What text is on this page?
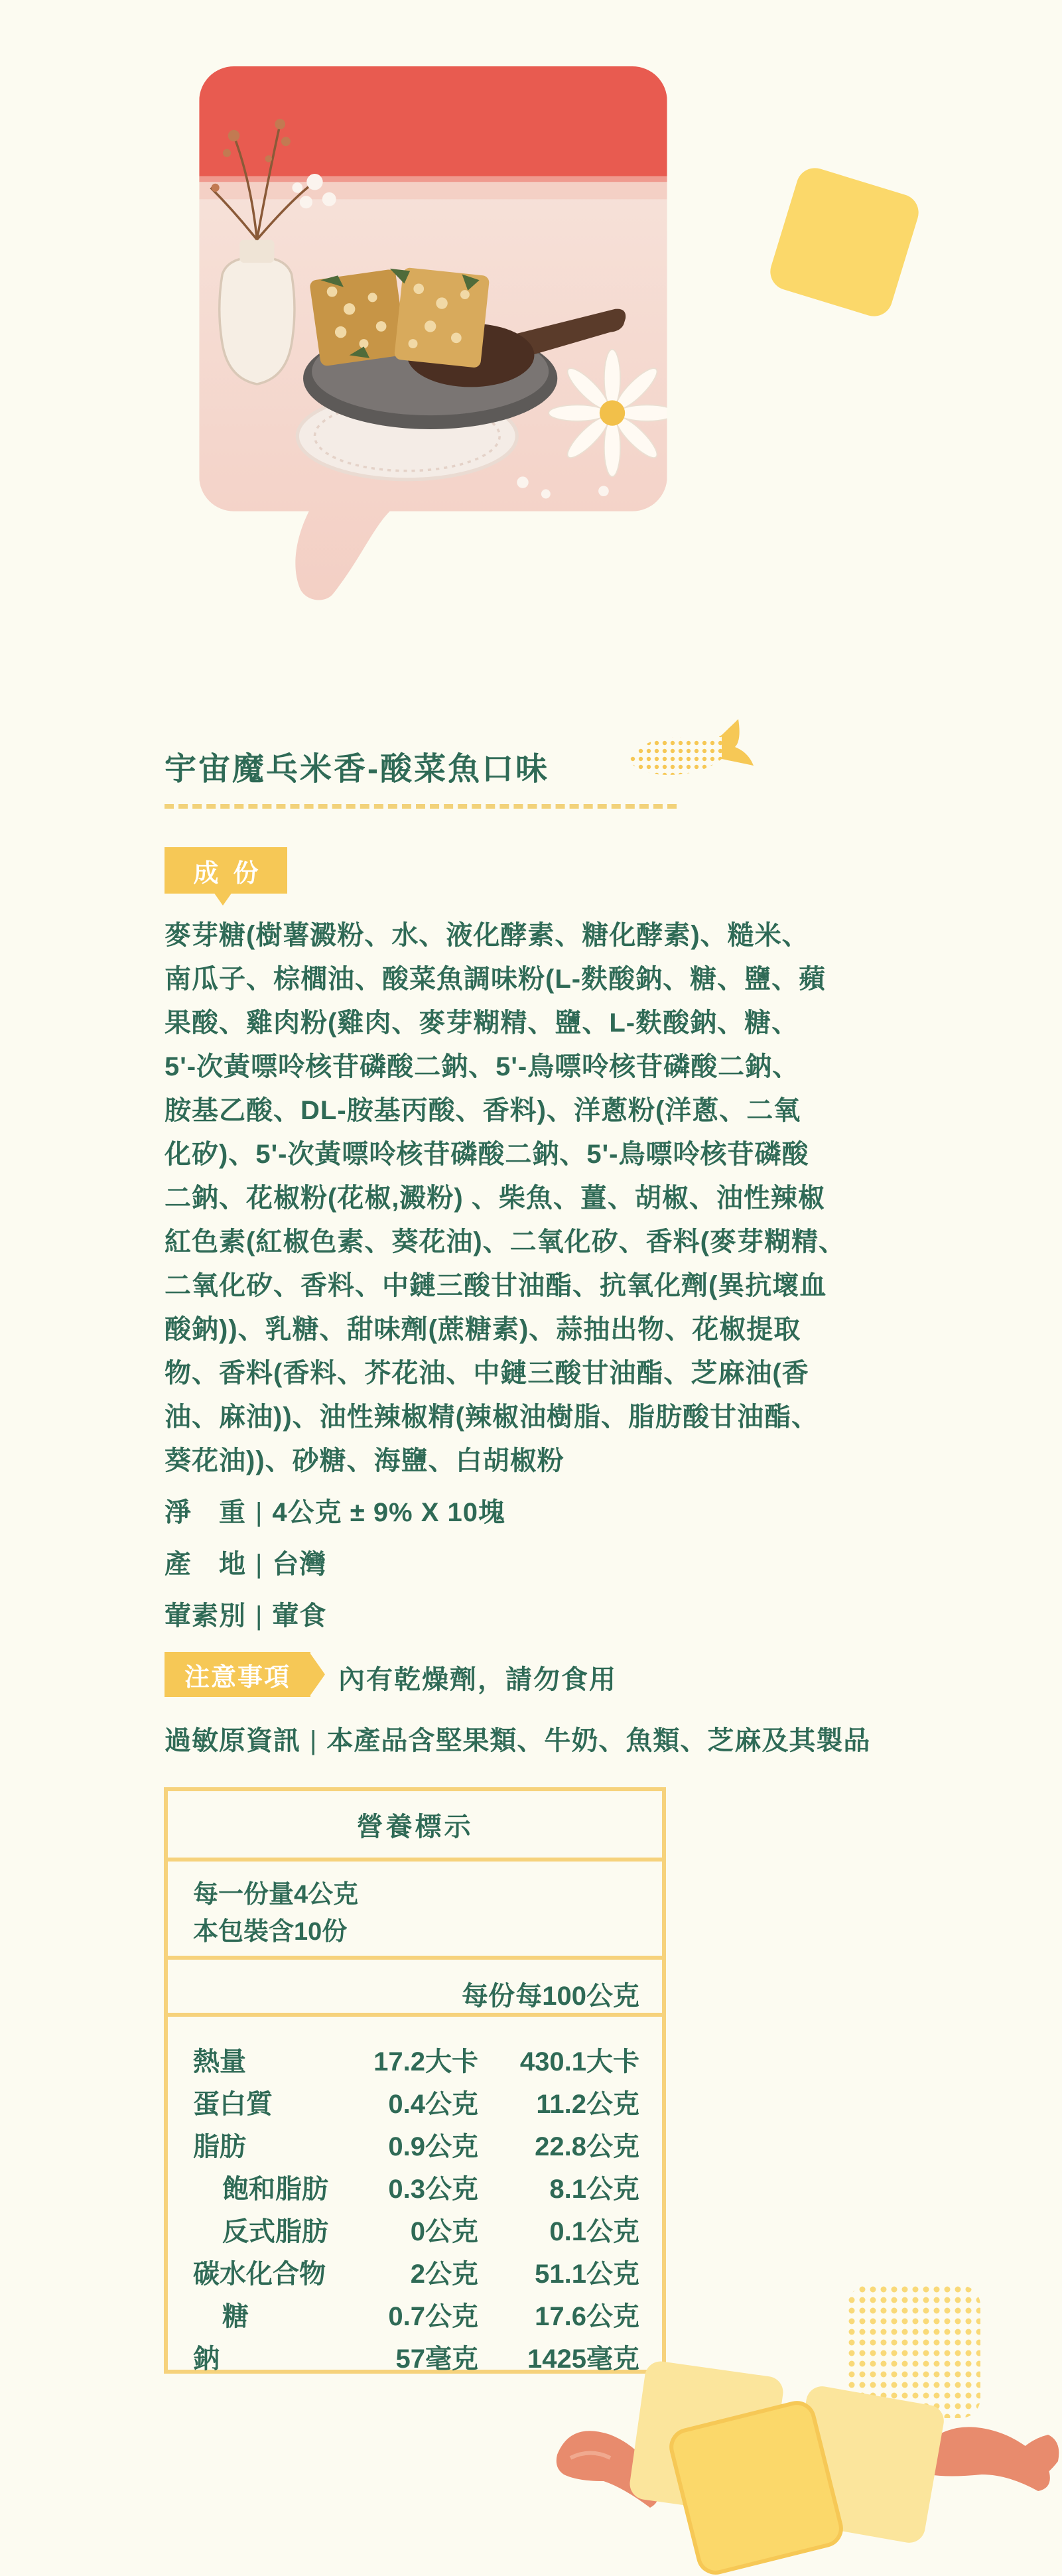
宇宙魔乓米香-酸菜魚口味
成份
麥芽糖(樹薯澱粉、水、液化酵素、糖化酵素)、糙米、
南瓜子、棕櫚油、酸菜魚調味粉(L-麩酸鈉、糖、鹽、蘋
果酸、雞肉粉(雞肉、麥芽糊精、鹽、L-麩酸鈉、糖、
5'-次黃嘌呤核苷磷酸二鈉、5'-鳥嘌呤核苷磷酸二鈉、
胺基乙酸、DL-胺基丙酸、香料)、洋蔥粉(洋蔥、二氧
化矽)、5'-次黃嘌呤核苷磷酸二鈉、5'-鳥嘌呤核苷磷酸
二鈉、花椒粉(花椒,澱粉) 、柴魚、薑、胡椒、油性辣椒
紅色素(紅椒色素、葵花油)、二氧化矽、香料(麥芽糊精、
二氧化矽、香料、中鏈三酸甘油酯、抗氧化劑(異抗壞血
酸鈉))、乳糖、甜味劑(蔗糖素)、蒜抽出物、花椒提取
物、香料(香料、芥花油、中鏈三酸甘油酯、芝麻油(香
油、麻油))、油性辣椒精(辣椒油樹脂、脂肪酸甘油酯、
葵花油))、砂糖、海鹽、白胡椒粉
淨　重 | 4公克 ± 9% X 10塊
產　地 | 台灣
葷素別 | 葷食
注意事項	內有乾燥劑，請勿食用
過敏原資訊 | 本產品含堅果類、牛奶、魚類、芝麻及其製品
營養標示
每一份量4公克
本包裝含10份
每份 每100公克
熱量	17.2大卡 430.1大卡
蛋白質	0.4公克 11.2公克
脂肪	0.9公克 22.8公克
飽和脂肪 0.3公克	8.1公克
反式脂肪	0公克	0.1公克
碳水化合物	2公克 51.1公克
糖	0.7公克 17.6公克
鈉	57毫克 1425毫克
